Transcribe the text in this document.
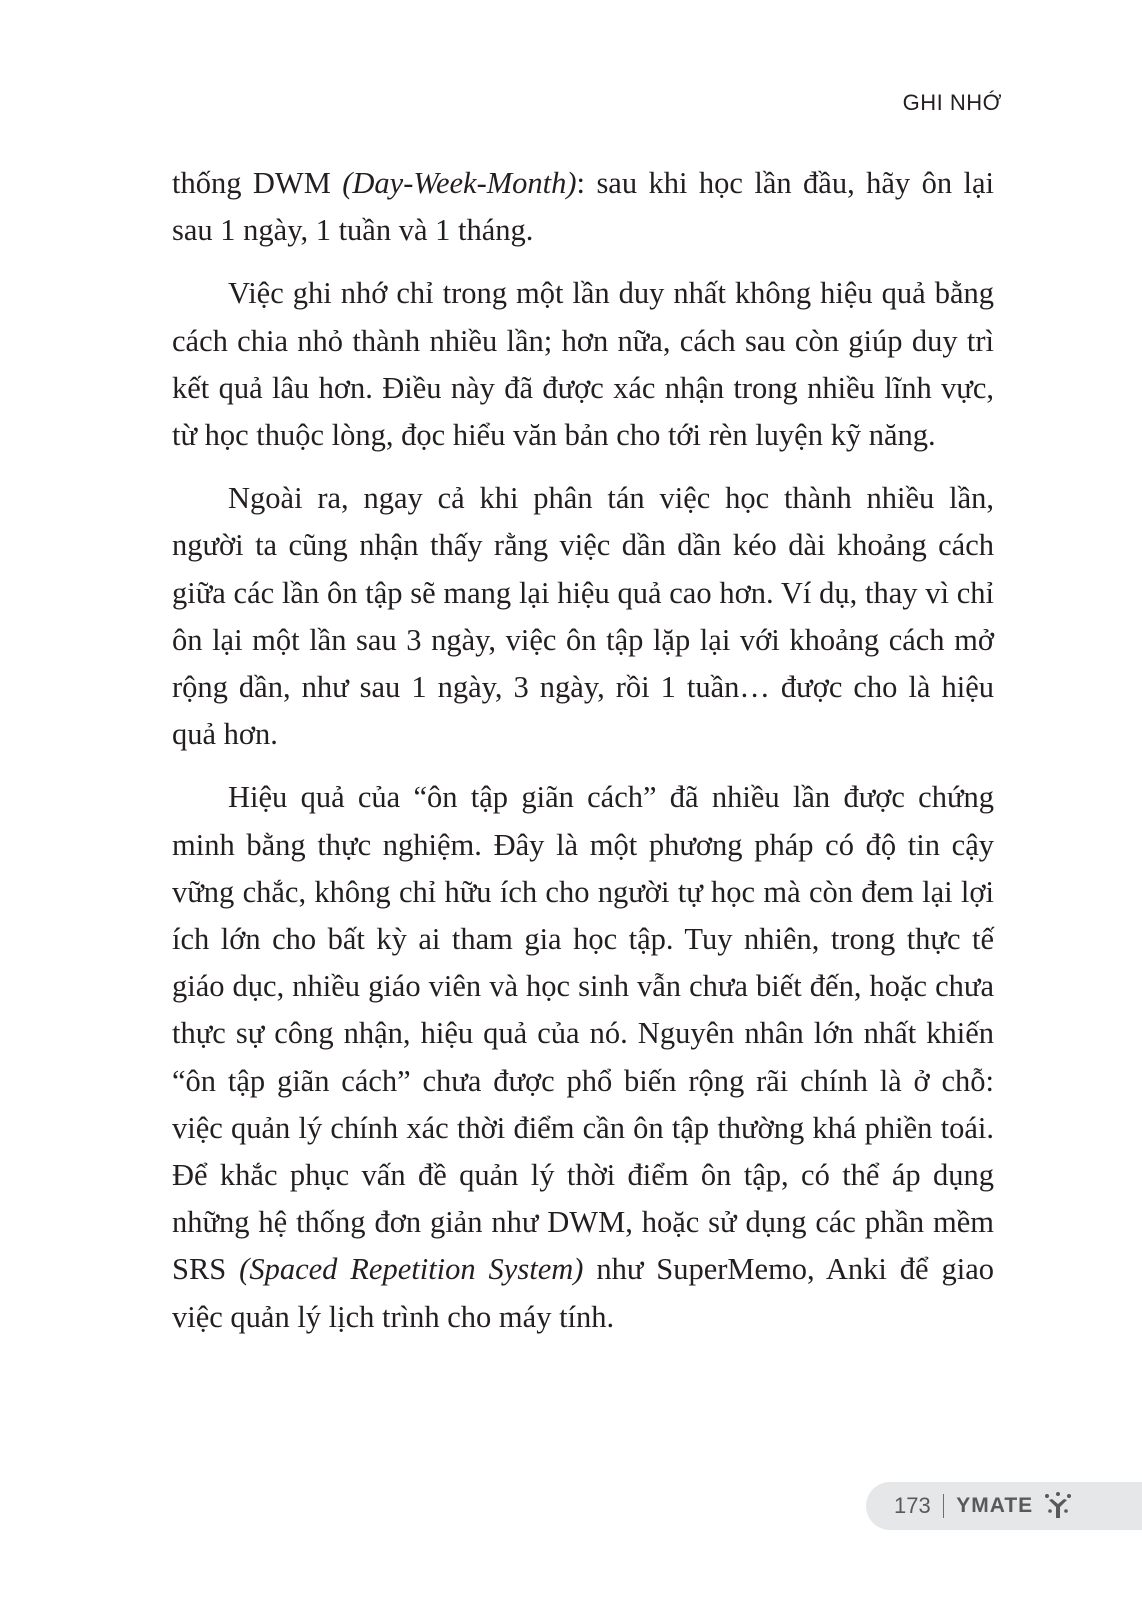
GHI NHỚ

thống DWM (Day-Week-Month): sau khi học lần đầu, hãy ôn lại sau 1 ngày, 1 tuần và 1 tháng.

Việc ghi nhớ chỉ trong một lần duy nhất không hiệu quả bằng cách chia nhỏ thành nhiều lần; hơn nữa, cách sau còn giúp duy trì kết quả lâu hơn. Điều này đã được xác nhận trong nhiều lĩnh vực, từ học thuộc lòng, đọc hiểu văn bản cho tới rèn luyện kỹ năng.

Ngoài ra, ngay cả khi phân tán việc học thành nhiều lần, người ta cũng nhận thấy rằng việc dần dần kéo dài khoảng cách giữa các lần ôn tập sẽ mang lại hiệu quả cao hơn. Ví dụ, thay vì chỉ ôn lại một lần sau 3 ngày, việc ôn tập lặp lại với khoảng cách mở rộng dần, như sau 1 ngày, 3 ngày, rồi 1 tuần… được cho là hiệu quả hơn.

Hiệu quả của “ôn tập giãn cách” đã nhiều lần được chứng minh bằng thực nghiệm. Đây là một phương pháp có độ tin cậy vững chắc, không chỉ hữu ích cho người tự học mà còn đem lại lợi ích lớn cho bất kỳ ai tham gia học tập. Tuy nhiên, trong thực tế giáo dục, nhiều giáo viên và học sinh vẫn chưa biết đến, hoặc chưa thực sự công nhận, hiệu quả của nó. Nguyên nhân lớn nhất khiến “ôn tập giãn cách” chưa được phổ biến rộng rãi chính là ở chỗ: việc quản lý chính xác thời điểm cần ôn tập thường khá phiền toái. Để khắc phục vấn đề quản lý thời điểm ôn tập, có thể áp dụng những hệ thống đơn giản như DWM, hoặc sử dụng các phần mềm SRS (Spaced Repetition System) như SuperMemo, Anki để giao việc quản lý lịch trình cho máy tính.

173 YMATE
